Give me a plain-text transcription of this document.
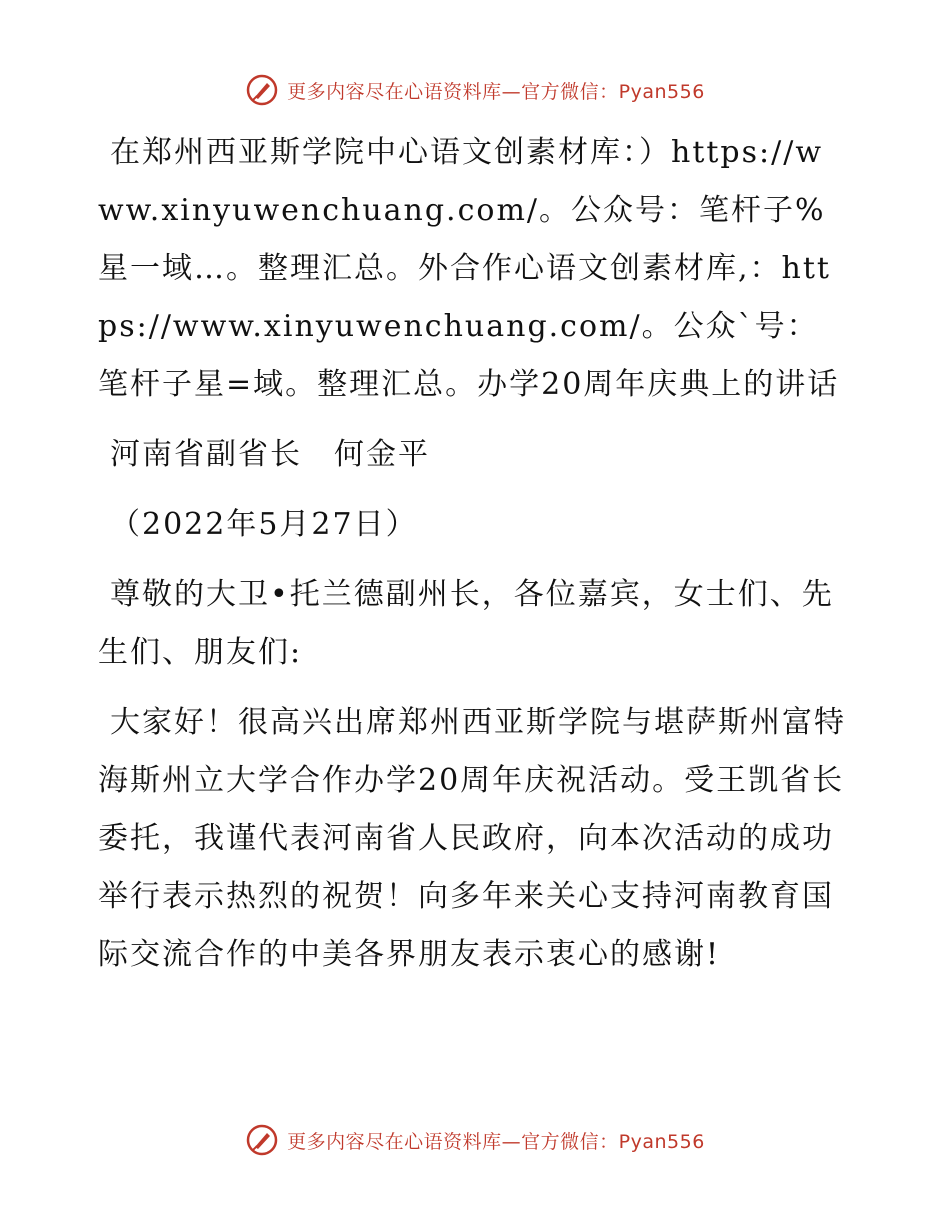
更多内容尽在心语资料库—官方微信：Pyan556

在郑州西亚斯学院中心语文创素材库：）https://www.xinyuwenchuang.com/。公众号：笔杆子%星一域…。整理汇总。外合作心语文创素材库,：https://www.xinyuwenchuang.com/。公众`号：笔杆子星=域。整理汇总。办学20周年庆典上的讲话

河南省副省长　何金平

（2022年5月27日）

尊敬的大卫•托兰德副州长，各位嘉宾，女士们、先生们、朋友们:

大家好！很高兴出席郑州西亚斯学院与堪萨斯州富特海斯州立大学合作办学20周年庆祝活动。受王凯省长委托，我谨代表河南省人民政府，向本次活动的成功举行表示热烈的祝贺！向多年来关心支持河南教育国际交流合作的中美各界朋友表示衷心的感谢!

更多内容尽在心语资料库—官方微信：Pyan556
